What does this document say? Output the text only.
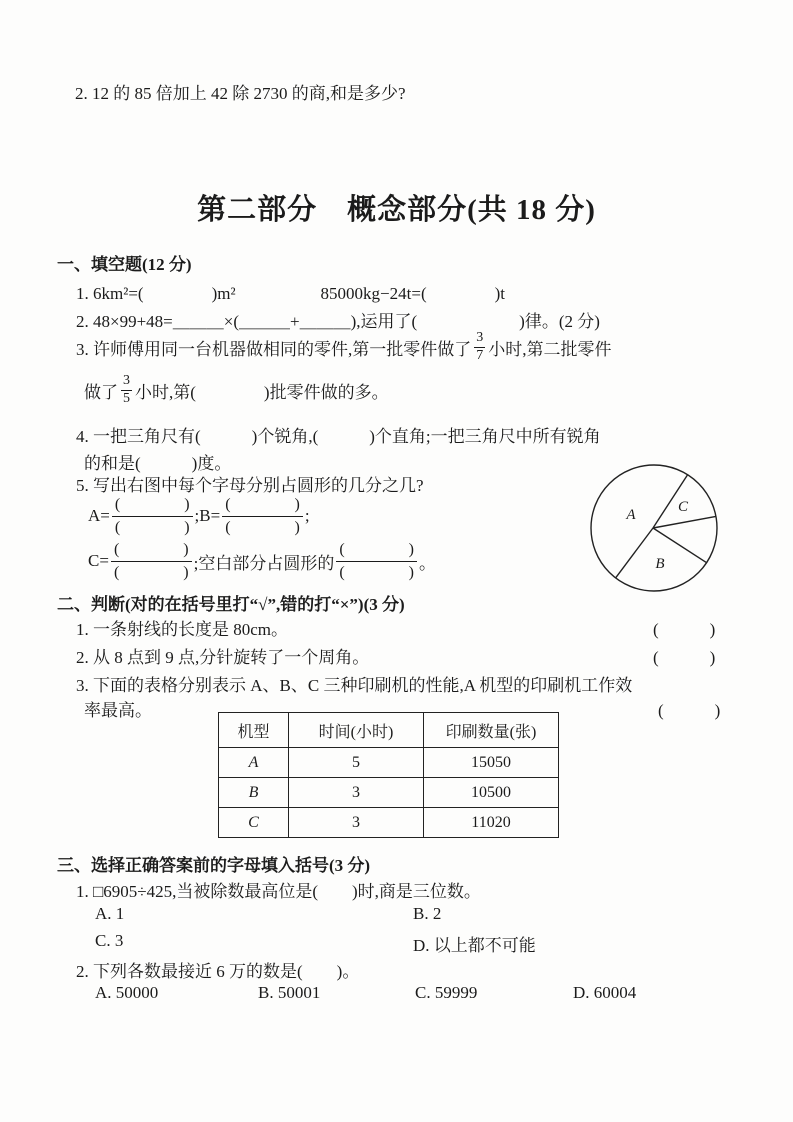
2. 12 的 85 倍加上 42 除 2730 的商,和是多少?
第二部分　概念部分(共 18 分)
一、填空题(12 分)
1. 6km²=(　　　　)m²　　　　　85000kg−24t=(　　　　)t
2. 48×99+48=＿＿＿×(＿＿＿+＿＿＿),运用了(　　　　　　)律。(2 分)
3. 许师傅用同一台机器做相同的零件,第一批零件做了 $\frac{3}{7}$ 小时,第二批零件
做了 $\frac{3}{5}$ 小时,第(　　　　)批零件做的多。
4. 一把三角尺有(　　　)个锐角,(　　　)个直角;一把三角尺中所有锐角
的和是(　　　)度。
5. 写出右图中每个字母分别占圆形的几分之几?
A=
(　　　　)
(　　　　)
;B=
(　　　　)
(　　　　)
;
C=
(　　　　)
(　　　　) ;空白部分占圆形的
(　　　　)
(　　　　) 。
A	C
B
二、判断(对的在括号里打“√”,错的打“×”)(3 分)
1. 一条射线的长度是 80cm。	(　　　)
2. 从 8 点到 9 点,分针旋转了一个周角。	(　　　)
3. 下面的表格分别表示 A、B、C 三种印刷机的性能,A 机型的印刷机工作效
率最高。	(　　　)
机型	时间(小时)	印刷数量(张)
A	5	15050
B	3	10500
C	3	11020
三、选择正确答案前的字母填入括号(3 分)
1. □6905÷425,当被除数最高位是(　　)时,商是三位数。
A. 1	B. 2
C. 3	D. 以上都不可能
2. 下列各数最接近 6 万的数是(　　)。
A. 50000	B. 50001	C. 59999	D. 60004
